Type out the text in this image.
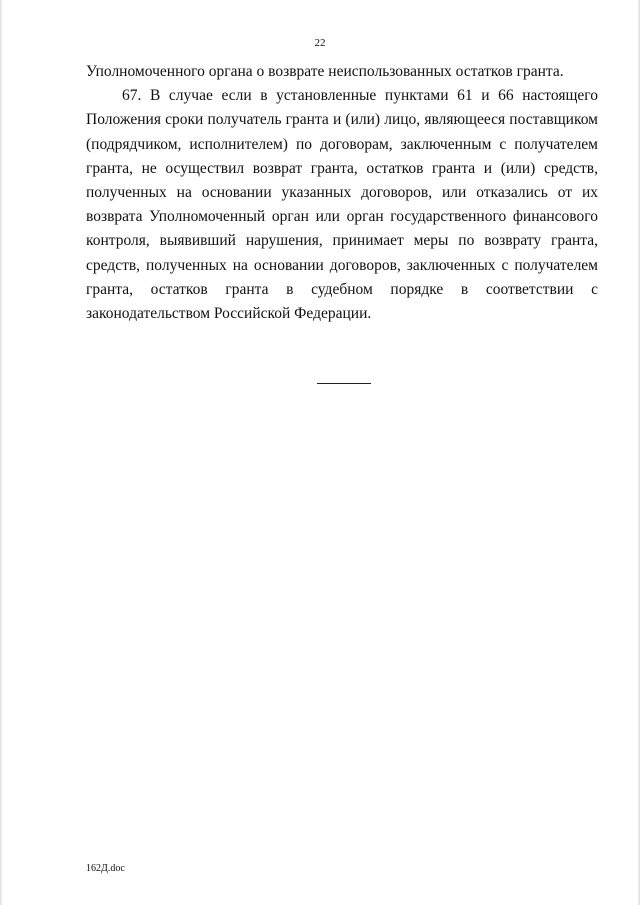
22

Уполномоченного органа о возврате неиспользованных остатков гранта.

67. В случае если в установленные пунктами 61 и 66 настоящего Положения сроки получатель гранта и (или) лицо, являющееся поставщиком (подрядчиком, исполнителем) по договорам, заключенным с получателем гранта, не осуществил возврат гранта, остатков гранта и (или) средств, полученных на основании указанных договоров, или отказались от их возврата Уполномоченный орган или орган государственного финансового контроля, выявивший нарушения, принимает меры по возврату гранта, средств, полученных на основании договоров, заключенных с получателем гранта, остатков гранта в судебном порядке в соответствии с законодательством Российской Федерации.

162Д.doc
